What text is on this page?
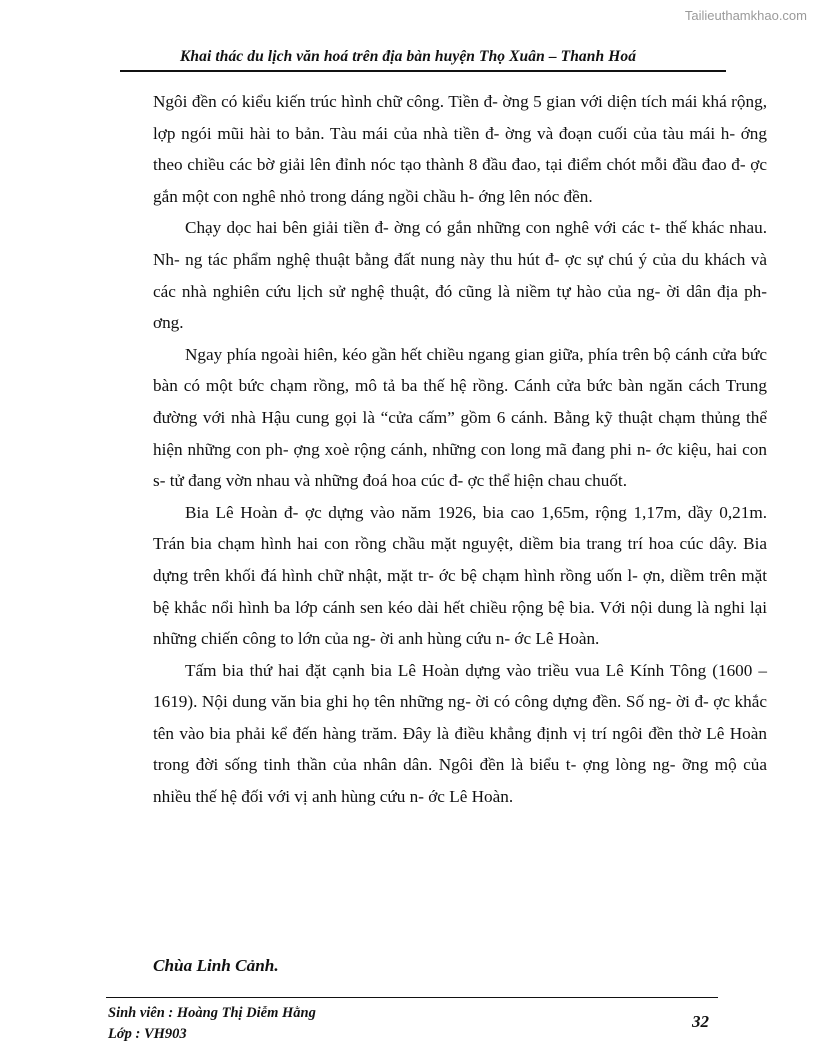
Tailieuthamkhao.com
Khai thác du lịch văn hoá trên địa bàn huyện Thọ Xuân – Thanh Hoá

Ngôi đền có kiểu kiến trúc hình chữ công. Tiền đ- ờng 5 gian với diện tích mái khá rộng, lợp ngói mũi hài to bản. Tàu mái của nhà tiền đ- ờng và đoạn cuối của tàu mái h- ớng theo chiều các bờ giải lên đỉnh nóc tạo thành 8 đầu đao, tại điểm chót mỗi đầu đao đ- ợc gắn một con nghê nhỏ trong dáng ngồi chầu h- ớng lên nóc đền.

Chạy dọc hai bên giải tiền đ- ờng có gắn những con nghê với các t- thế khác nhau. Nh- ng tác phẩm nghệ thuật bằng đất nung này thu hút đ- ợc sự chú ý của du khách và các nhà nghiên cứu lịch sử nghệ thuật, đó cũng là niềm tự hào của ng- ời dân địa ph- ơng.

Ngay phía ngoài hiên, kéo gần hết chiều ngang gian giữa, phía trên bộ cánh cửa bức bàn có một bức chạm rồng, mô tả ba thế hệ rồng. Cánh cửa bức bàn ngăn cách Trung đường với nhà Hậu cung gọi là “cửa cấm” gồm 6 cánh. Bằng kỹ thuật chạm thủng thể hiện những con ph- ợng xoè rộng cánh, những con long mã đang phi n- ớc kiệu, hai con s- tử đang vờn nhau và những đoá hoa cúc đ- ợc thể hiện chau chuốt.

Bia Lê Hoàn đ- ợc dựng vào năm 1926, bia cao 1,65m, rộng 1,17m, dầy 0,21m. Trán bia chạm hình hai con rồng chầu mặt nguyệt, diềm bia trang trí hoa cúc dây. Bia dựng trên khối đá hình chữ nhật, mặt tr- ớc bệ chạm hình rồng uốn l- ợn, diềm trên mặt bệ khắc nổi hình ba lớp cánh sen kéo dài hết chiều rộng bệ bia. Với nội dung là nghi lại những chiến công to lớn của ng- ời anh hùng cứu n- ớc Lê Hoàn.

Tấm bia thứ hai đặt cạnh bia Lê Hoàn dựng vào triều vua Lê Kính Tông (1600 – 1619). Nội dung văn bia ghi họ tên những ng- ời có công dựng đền. Số ng- ời đ- ợc khắc tên vào bia phải kể đến hàng trăm. Đây là điều khẳng định vị trí ngôi đền thờ Lê Hoàn trong đời sống tinh thần của nhân dân. Ngôi đền là biểu t- ợng lòng ng- ỡng mộ của nhiều thế hệ đối với vị anh hùng cứu n- ớc Lê Hoàn.

Chùa Linh Cảnh.
Sinh viên : Hoàng Thị Diễm Hằng
Lớp : VH903
32
